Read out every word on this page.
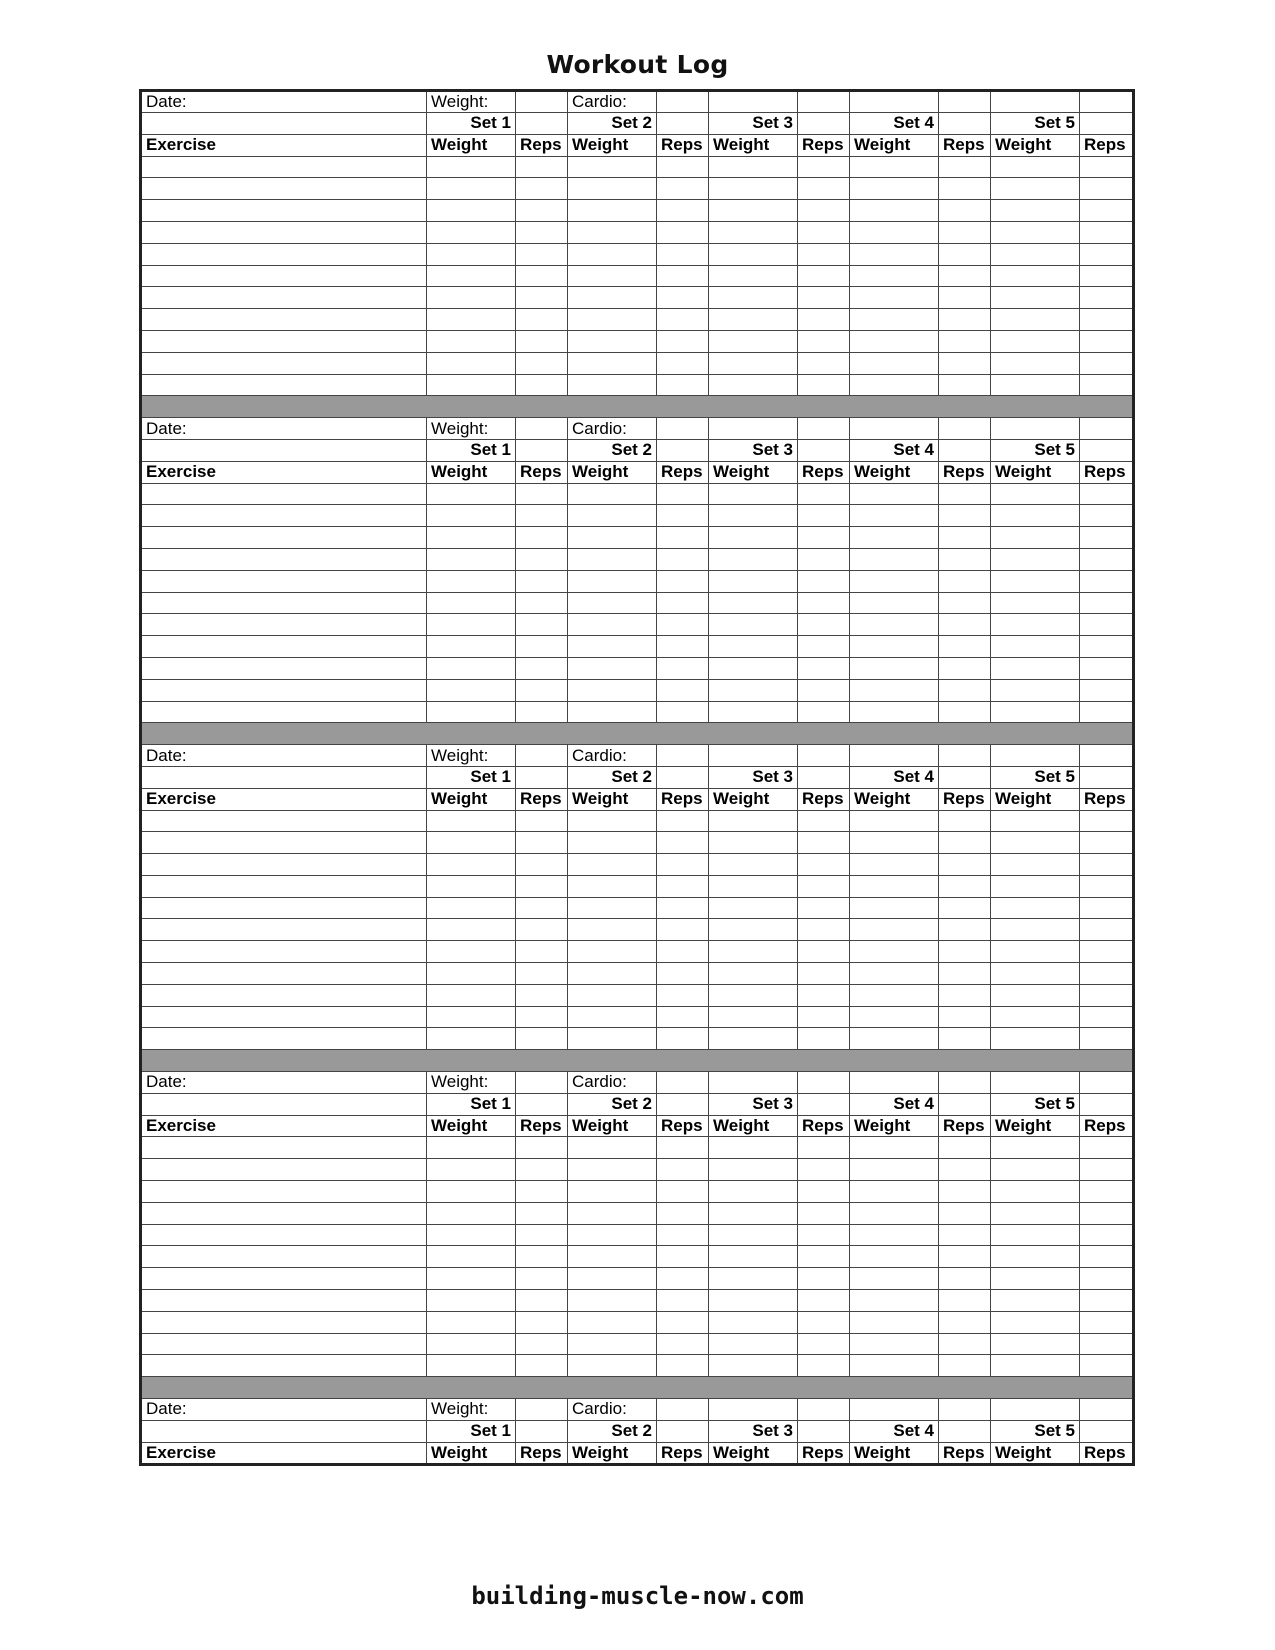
Workout Log
Date:	Weight:		Cardio:							
	Set 1		Set 2		Set 3		Set 4		Set 5	
Exercise	Weight	Reps	Weight	Reps	Weight	Reps	Weight	Reps	Weight	Reps

Date:	Weight:		Cardio:							
	Set 1		Set 2		Set 3		Set 4		Set 5	
Exercise	Weight	Reps	Weight	Reps	Weight	Reps	Weight	Reps	Weight	Reps

Date:	Weight:		Cardio:							
	Set 1		Set 2		Set 3		Set 4		Set 5	
Exercise	Weight	Reps	Weight	Reps	Weight	Reps	Weight	Reps	Weight	Reps

Date:	Weight:		Cardio:							
	Set 1		Set 2		Set 3		Set 4		Set 5	
Exercise	Weight	Reps	Weight	Reps	Weight	Reps	Weight	Reps	Weight	Reps

Date:	Weight:		Cardio:							
	Set 1		Set 2		Set 3		Set 4		Set 5	
Exercise	Weight	Reps	Weight	Reps	Weight	Reps	Weight	Reps	Weight	Reps
building-muscle-now.com
